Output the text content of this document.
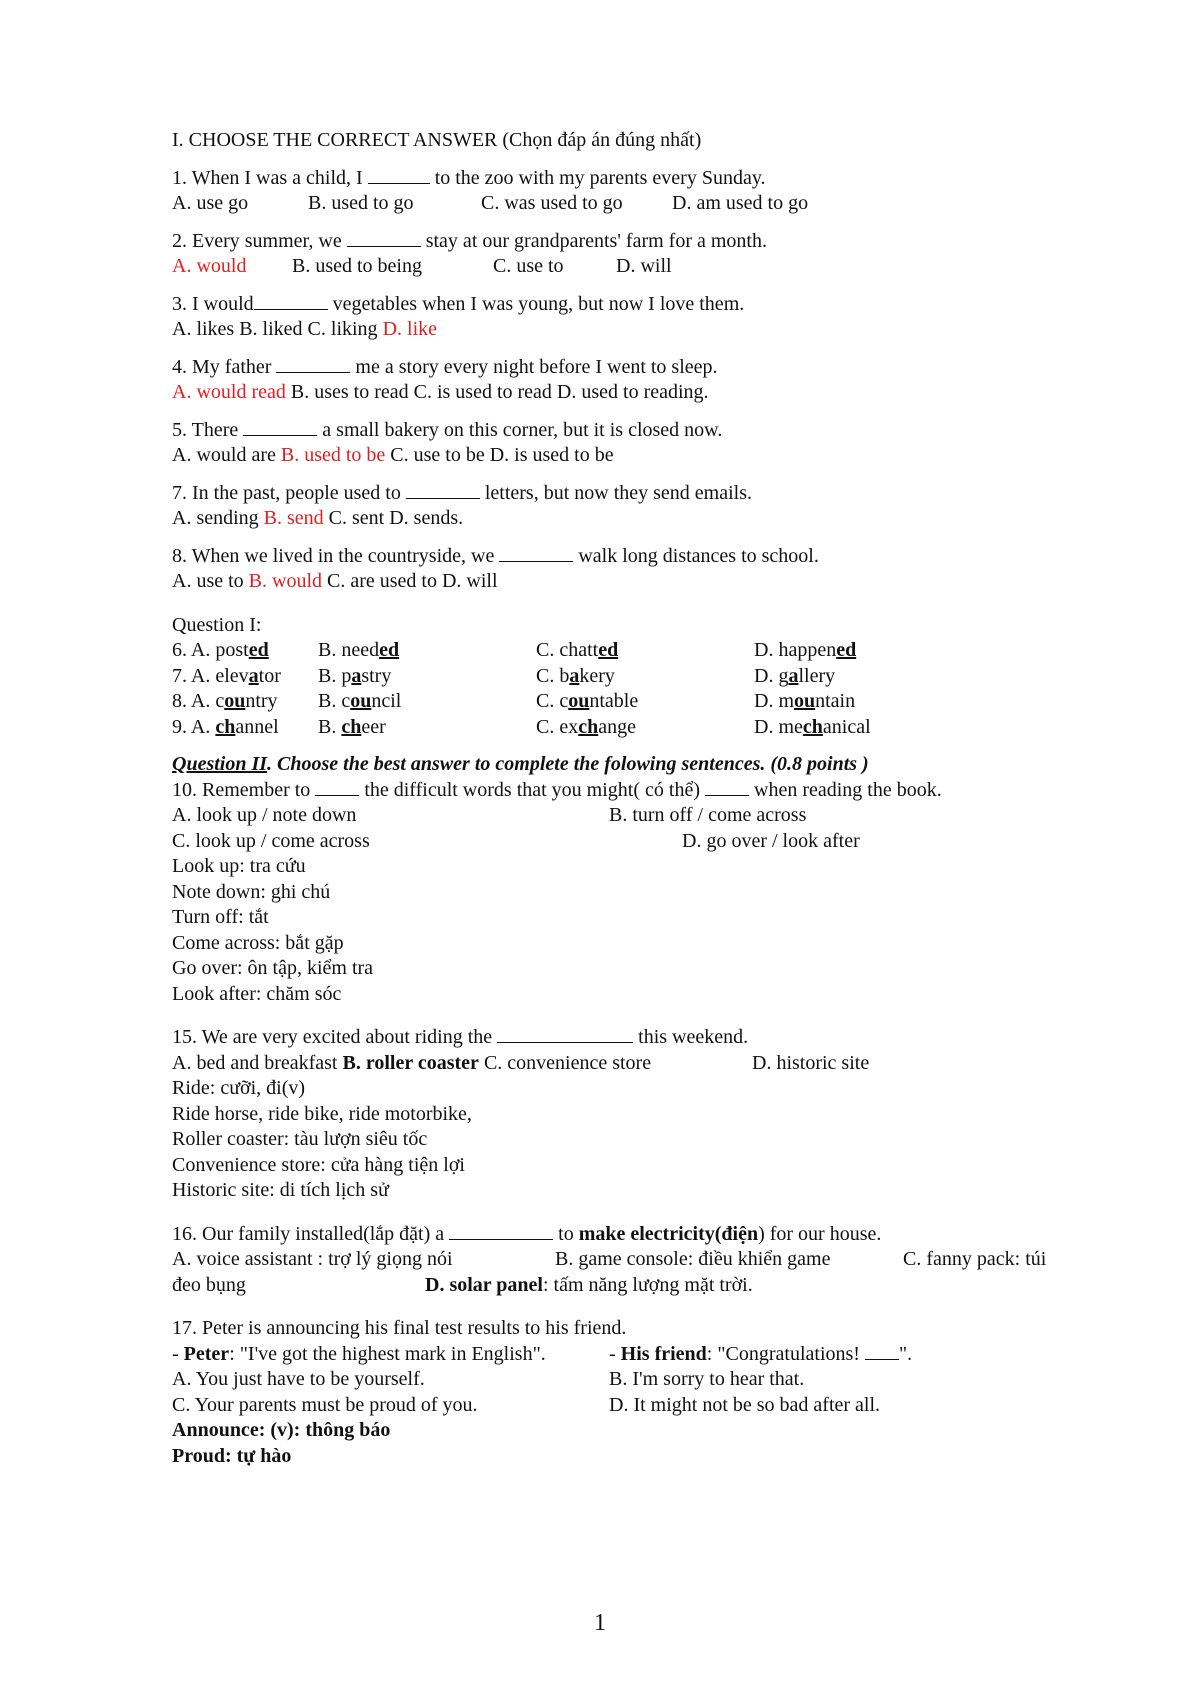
I. CHOOSE THE CORRECT ANSWER (Chọn đáp án đúng nhất)
1. When I was a child, I	to the zoo with my parents every Sunday.
A. use go	B. used to go	C. was used to go D. am used to go
2. Every summer, we	stay at our grandparents' farm for a month.
A. would B. used to being	C. use to	D. will
3. I would	vegetables when I was young, but now I love them.
A. likes B. liked C. liking D. like
4. My father	me a story every night before I went to sleep.
A. would read B. uses to read C. is used to read D. used to reading.
5. There	a small bakery on this corner, but it is closed now.
A. would are B. used to be C. use to be D. is used to be
7. In the past, people used to	letters, but now they send emails.
A. sending B. send C. sent D. sends.
8. When we lived in the countryside, we	walk long distances to school.
A. use to B. would C. are used to D. will
Question I:
6. A. posted B. needed	C. chatted	D. happened
7. A. elevator B. pastry	C. bakery	D. gallery
8. A. country B. council	C. countable	D. mountain
9. A. channel B. cheer	C. exchange	D. mechanical
Question II. Choose the best answer to complete the folowing sentences. (0.8 points )
10. Remember to  the difficult words that you might( có thể)  when reading the book.
A. look up / note down	B. turn off / come across
C. look up / come across	D. go over / look after
Look up: tra cứu
Note down: ghi chú
Turn off: tắt
Come across: bắt gặp
Go over: ôn tập, kiểm tra
Look after: chăm sóc
15. We are very excited about riding the	this weekend.
A. bed and breakfast B. roller coaster C. convenience store	D. historic site
Ride: cưỡi, đi(v)
Ride horse, ride bike, ride motorbike,
Roller coaster: tàu lượn siêu tốc
Convenience store: cửa hàng tiện lợi
Historic site: di tích lịch sử
16. Our family installed(lắp đặt) a	to make electricity(điện) for our house.
A. voice assistant : trợ lý giọng nói	B. game console: điều khiển game	C. fanny pack: túi
đeo bụng	D. solar panel: tấm năng lượng mặt trời.
17. Peter is announcing his final test results to his friend.
- Peter: "I've got the highest mark in English".	- His friend: "Congratulations! ".
A. You just have to be yourself.	B. I'm sorry to hear that.
C. Your parents must be proud of you.	D. It might not be so bad after all.
Announce: (v): thông báo
Proud: tự hào
1
